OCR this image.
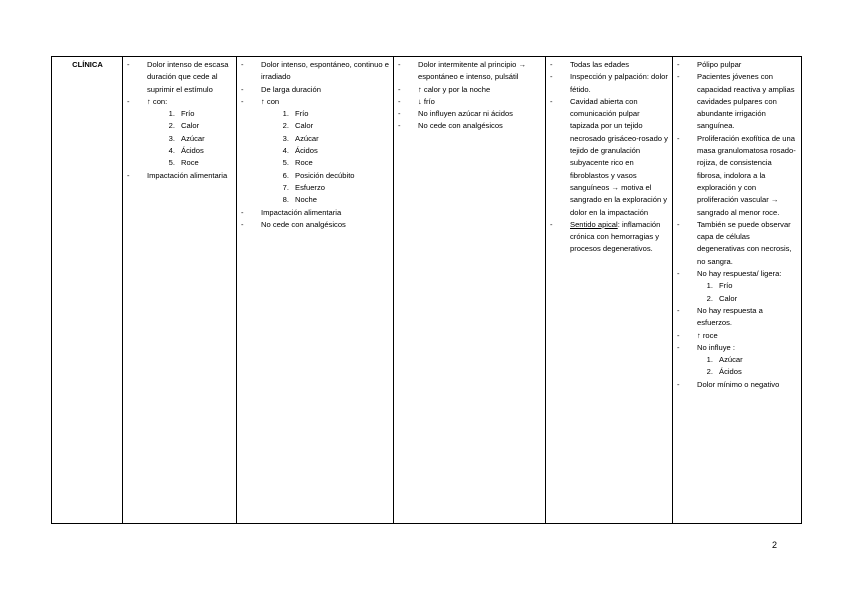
CLÍNICA	
-Dolor intenso de escasa duración que cede al suprimir el estímulo
- ↑ con:
1. Frío
2. Calor
3. Azúcar
4. Ácidos
5. Roce
- Impactación alimentaria

- Dolor intenso, espontáneo, continuo e irradiado
- De larga duración
- ↑ con
1. Frío
2. Calor
3. Azúcar
4. Ácidos
5. Roce
6. Posición decúbito
7. Esfuerzo
8. Noche
- Impactación alimentaria
- No cede con analgésicos

- Dolor intermitente al principio → espontáneo e intenso, pulsátil
- ↑ calor y por la noche
- ↓ frío
- No influyen azúcar ni ácidos
- No cede con analgésicos

- Todas las edades
- Inspección y palpación: dolor fétido.
- Cavidad abierta con comunicación pulpar tapizada por un tejido necrosado grisáceo-rosado y tejido de granulación subyacente rico en fibroblastos y vasos sanguíneos → motiva el sangrado en la exploración y dolor en la impactación
- Sentido apical: inflamación crónica con hemorragias y procesos degenerativos.

- Pólipo pulpar
- Pacientes jóvenes con capacidad reactiva y amplias cavidades pulpares con abundante irrigación sanguínea.
- Proliferación exofítica de una masa granulomatosa rosado-rojiza, de consistencia fibrosa, indolora a la exploración y con proliferación vascular → sangrado al menor roce.
- También se puede observar capa de células degenerativas con necrosis, no sangra.
- No hay respuesta/ ligera:
1. Frío
2. Calor
- No hay respuesta a esfuerzos.
- ↑ roce
- No influye :
1. Azúcar
2. Ácidos
- Dolor mínimo o negativo
2
